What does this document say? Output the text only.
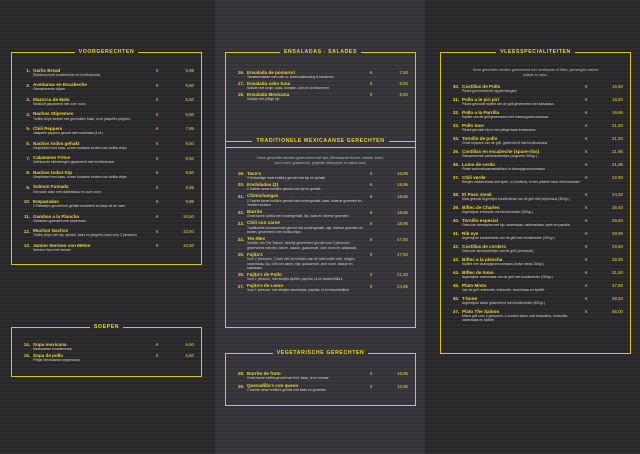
VOORGERECHTEN
1. Garlic Bread
Stokbrood met kruidenboter en knoflooksaus
€	5,95
2. Aceitunas en Escabeche
Gemarineerde olijven
€	5,50
3. Mazorca de Maïs
Maïskolf gepaneerd met zure room
€	5,50
4. Nachos Stipremos
Tortilla chips bedekt met gesmolten kaas, ui en jalapeño peppers
€	6,50
5. Chili Peppers
Jalapeño peppers gevuld met roomkaas (4 st.)
€	7,95
6. Nachos todos gehakt
Gesplinterd met kaas, ui een krokante bodem van tortilla chips
€	9,50
7. Calamares Fritos
Gefrituurde inktvisringen gepaneerd met knoflooksaus
€	9,50
8. Nachos todos Kip
Gesplinterd met kaas, ui een krokante bodem van tortilla chips
€	9,50
9. Salmon Fumado
Gerookte zalm met dobbelsaus en zure room
€	9,95
10. Empanadas
2 Pasteitjes gevuld met gehakt rundvlees en kaas uit de oven
€	9,95
11. Gambas a la Plancha
Gebakken garnalen met pepersaus
€	10,50
12. Muchos Nachos
Tortilla chips met kip, spinazi, kaas en jalapeño saus voor 2 personen
€	10,50
13. Jamon Serrano con Melon
Serrano ham met meloen
€	10,50
SOEPEN
14. Sopa mexicana
Mexicaanse tomatensoep
€	6,50
15. Sopa de pollo
Pittige Mexicaanse kippensoep
€	6,50
ENSALADAS - SALADES
16. Ensalada de pomarorí
Tomatensalade met rode ui, knoflookdressing & basilicum
€	7,50
17. Ensalada cabo tuna
Salade met tonijn, kaas, tomaten, uien en komkommer
€	8,50
18. Ensalada Mexicana
Salade met pittige kip
€	8,50
TRADITIONELE MEXICAANSE GERECHTEN
Deze gerechten worden geserveerd met rijst, Mexicaanse bonen, salade, bruin, zure room, guacamole, gegrilde steinpeper en salsa saus.
19. Taco's
3 Krokantige mais tortilla's gevuld met kip en gehakt
€	18,95
20. Enchiladas (2)
2 Zachte tarwe tortilla's gevuld met kip en gehakt
€	18,95
21. Chimichangas
2 Zachte tarwe tortilla's gevuld met rundergehakt, kaas, dinerue groenten en TexMex kruiden
€	18,95
22. Burrito
Grote tarwe tortilla met rundergehakt, kip, kaas en diverse groenten
€	18,95
23. Chili con carne
Traditionele bonenschotel gevuld met rundergehakt, rijst, diverse groenten en bonen, geserveerd met tortilla chips
€	18,95
24. Tex-Mex
Variatie van The Saloon, heerlijk geserveerd gevuld voor 2 personen, geserveerd met rijst, bonen, salade, guacamole, zure room en salsasaus
€	47,50
25. Fajita's
Voor 2 personen, 2 kom zelf uw tortilla's aan de tafel vullen met: reepjes ossenhaas, kip, chili con carne, rijst, guacamole, zure room, salade en salsasaus
€	47,50
26. Fajita's de Pollo
Voor 1 persoon, met stukjes kipfilet, paprika, ui en tarwetortilla's
€	21,50
27. Fajita's de Lomo
Voor 1 persoon, met stukjes ossenhaas, paprika, ui en tarwetortilla's
€	24,95
VEGETARISCHE GERECHTEN
28. Burrito de fruto
Grote tarwe tortilla gevuld met fruit, kaas, ui en tomaat
€	16,95
29. Quesadilla's con queso
2 zachte tarwe tortilla's gevuld met kaas en groenten
€	16,95
VLEESSPECIALITEITEN
Deze gerechten worden geserveerd met centrepots of frites, gemengde warme salade en saus.
30. Costillas de Pollo
Pikant gemarineerde kippenvleugels
€	16,50
31. Pollo a le piri piri
Pikant gekruide kipfilet van de grill geserveerd met salsasaus
€	18,50
32. Pollo a la Parrilla
Kipfilet van de grill geserveerd met champignonroomsaus
€	19,95
33. Pollo taco
Pikant gevulde kip in een pittige kaas-kreamsaus
€	21,50
34. Tornillo de pollo
Grote kipspies van de grill, geserveerd met knoflooksaus
€	21,50
35. Costillas en escabeche (spare-ribs)
Gemarineerde varkensribbetjes (ongeveer 500gr.)
€	21,95
36. Lomo de cerdo
Platte varkenshaasmedaillons in champignonroomsaus
€	21,95
37. Chili verde
Stukjes varkenshaas met spek, ui, knoflook, in een pikante saus met koriander
€	22,50
38. El Paso steak
Mals gekruid Argentijns kundersteak van de grill met pepersaus (300gr.)
€	24,50
39. Biftec de Charles
Argentijnse entrecôte met kruidenboter (300gr.)
€	26,50
40. Tornillo especial
Gekruide vleesspies met kip, ossenhaas, varkenshaas, spek en paprika
€	26,50
41. Rib eye
Argentijnse kundersteak van de grill met kruidenboter (300gr.)
€	28,95
42. Costillas de cordero
Gekruide lamskoteletjes van de grill (ommasch)
€	29,50
43. Biftec a la plancha
Kipfilet met champignonroomsaus (halve steak 250gr.)
€	29,95
44. Biftec de lomo
Argentijnse ossenhaas van de grill met kruidenboter (250gr.)
€	31,50
45. Plato Mixto
Van de grill: entrecôte, entrecôte, ossenhaas en kipfilet
€	37,50
46. T-bone
Argentijnse steak geserveerd met kruidenboter (500gr.)
€	38,50
47. Plato The Saloon
Mixed grill voor 2 personen, 4 soorten vlees, met lamsvlees, entrecôte, ossenhaas en kipfilet
€	55,00
